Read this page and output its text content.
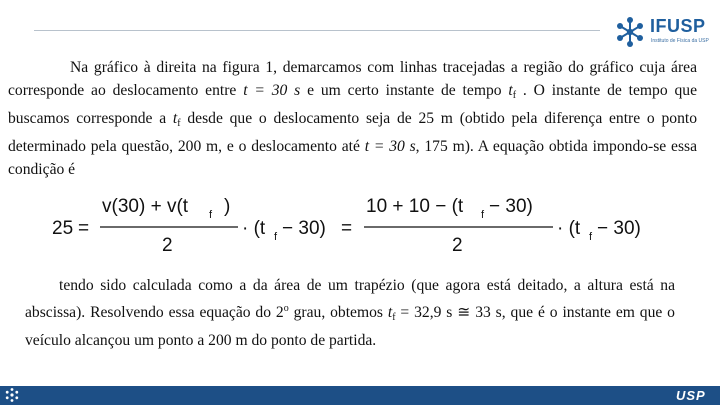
IFUSP
Instituto de Física da USP
Na gráfico à direita na figura 1, demarcamos com linhas tracejadas a região do gráfico cuja área corresponde ao deslocamento entre t = 30 s e um certo instante de tempo $t_f$ . O instante de tempo que buscamos corresponde a $t_f$ desde que o deslocamento seja de 25 m (obtido pela diferença entre o ponto determinado pela questão, 200 m, e o deslocamento até t = 30 s, 175 m). A equação obtida impondo-se essa condição é
25 =
v(30) + v(t f )
2
· (t f − 30) =
10 + 10 − (t f − 30)
2
· (t f − 30)
tendo sido calculada como a da área de um trapézio (que agora está deitado, a altura está na abscissa). Resolvendo essa equação do 2$^o$ grau, obtemos $t_f = 32,9$ s ≅ 33 s, que é o instante em que o veículo alcançou um ponto a 200 m do ponto de partida.
USP
